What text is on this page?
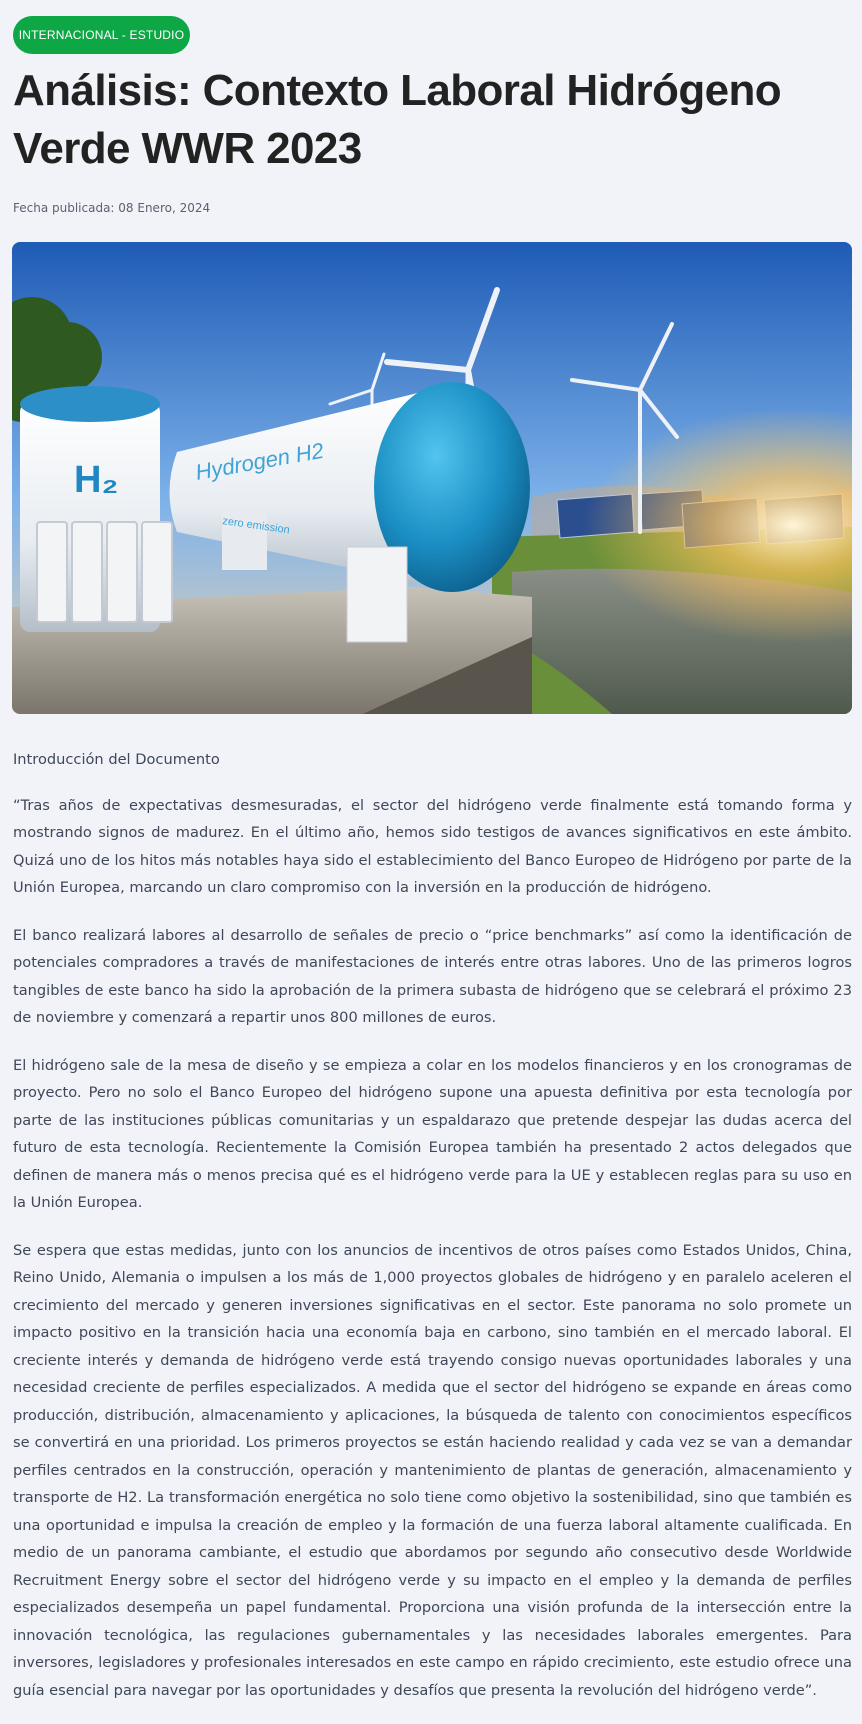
INTERNACIONAL - ESTUDIO
Análisis: Contexto Laboral Hidrógeno Verde WWR 2023
Fecha publicada: 08 Enero, 2024
H₂	Hydrogen H2
zero emission
Introducción del Documento

“Tras años de expectativas desmesuradas, el sector del hidrógeno verde finalmente está tomando forma y mostrando signos de madurez. En el último año, hemos sido testigos de avances significativos en este ámbito. Quizá uno de los hitos más notables haya sido el establecimiento del Banco Europeo de Hidrógeno por parte de la Unión Europea, marcando un claro compromiso con la inversión en la producción de hidrógeno.

El banco realizará labores al desarrollo de señales de precio o “price benchmarks” así como la identificación de potenciales compradores a través de manifestaciones de interés entre otras labores. Uno de las primeros logros tangibles de este banco ha sido la aprobación de la primera subasta de hidrógeno que se celebrará el próximo 23 de noviembre y comenzará a repartir unos 800 millones de euros.

El hidrógeno sale de la mesa de diseño y se empieza a colar en los modelos financieros y en los cronogramas de proyecto. Pero no solo el Banco Europeo del hidrógeno supone una apuesta definitiva por esta tecnología por parte de las instituciones públicas comunitarias y un espaldarazo que pretende despejar las dudas acerca del futuro de esta tecnología. Recientemente la Comisión Europea también ha presentado 2 actos delegados que definen de manera más o menos precisa qué es el hidrógeno verde para la UE y establecen reglas para su uso en la Unión Europea.

Se espera que estas medidas, junto con los anuncios de incentivos de otros países como Estados Unidos, China, Reino Unido, Alemania o impulsen a los más de 1,000 proyectos globales de hidrógeno y en paralelo aceleren el crecimiento del mercado y generen inversiones significativas en el sector. Este panorama no solo promete un impacto positivo en la transición hacia una economía baja en carbono, sino también en el mercado laboral. El creciente interés y demanda de hidrógeno verde está trayendo consigo nuevas oportunidades laborales y una necesidad creciente de perfiles especializados. A medida que el sector del hidrógeno se expande en áreas como producción, distribución, almacenamiento y aplicaciones, la búsqueda de talento con conocimientos específicos se convertirá en una prioridad. Los primeros proyectos se están haciendo realidad y cada vez se van a demandar perfiles centrados en la construcción, operación y mantenimiento de plantas de generación, almacenamiento y transporte de H2. La transformación energética no solo tiene como objetivo la sostenibilidad, sino que también es una oportunidad e impulsa la creación de empleo y la formación de una fuerza laboral altamente cualificada. En medio de un panorama cambiante, el estudio que abordamos por segundo año consecutivo desde Worldwide Recruitment Energy sobre el sector del hidrógeno verde y su impacto en el empleo y la demanda de perfiles especializados desempeña un papel fundamental. Proporciona una visión profunda de la intersección entre la innovación tecnológica, las regulaciones gubernamentales y las necesidades laborales emergentes. Para inversores, legisladores y profesionales interesados en este campo en rápido crecimiento, este estudio ofrece una guía esencial para navegar por las oportunidades y desafíos que presenta la revolución del hidrógeno verde”.
